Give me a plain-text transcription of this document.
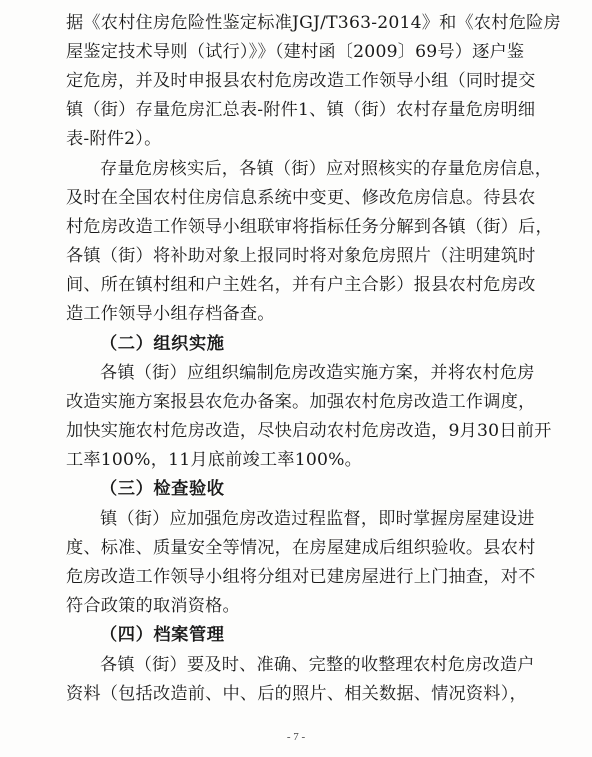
据《农村住房危险性鉴定标准JGJ/T363-2014》和《农村危险房
屋鉴定技术导则（试行）》》（建村函〔2009〕69号）逐户鉴
定危房，并及时申报县农村危房改造工作领导小组（同时提交
镇（街）存量危房汇总表-附件1、镇（街）农村存量危房明细
表-附件2）。
存量危房核实后，各镇（街）应对照核实的存量危房信息，
及时在全国农村住房信息系统中变更、修改危房信息。待县农
村危房改造工作领导小组联审将指标任务分解到各镇（街）后，
各镇（街）将补助对象上报同时将对象危房照片（注明建筑时
间、所在镇村组和户主姓名，并有户主合影）报县农村危房改
造工作领导小组存档备查。
（二）组织实施
各镇（街）应组织编制危房改造实施方案，并将农村危房
改造实施方案报县农危办备案。加强农村危房改造工作调度，
加快实施农村危房改造，尽快启动农村危房改造，9月30日前开
工率100%，11月底前竣工率100%。
（三）检查验收
镇（街）应加强危房改造过程监督，即时掌握房屋建设进
度、标准、质量安全等情况，在房屋建成后组织验收。县农村
危房改造工作领导小组将分组对已建房屋进行上门抽查，对不
符合政策的取消资格。
（四）档案管理
各镇（街）要及时、准确、完整的收整理农村危房改造户
资料（包括改造前、中、后的照片、相关数据、情况资料），
- 7 -
